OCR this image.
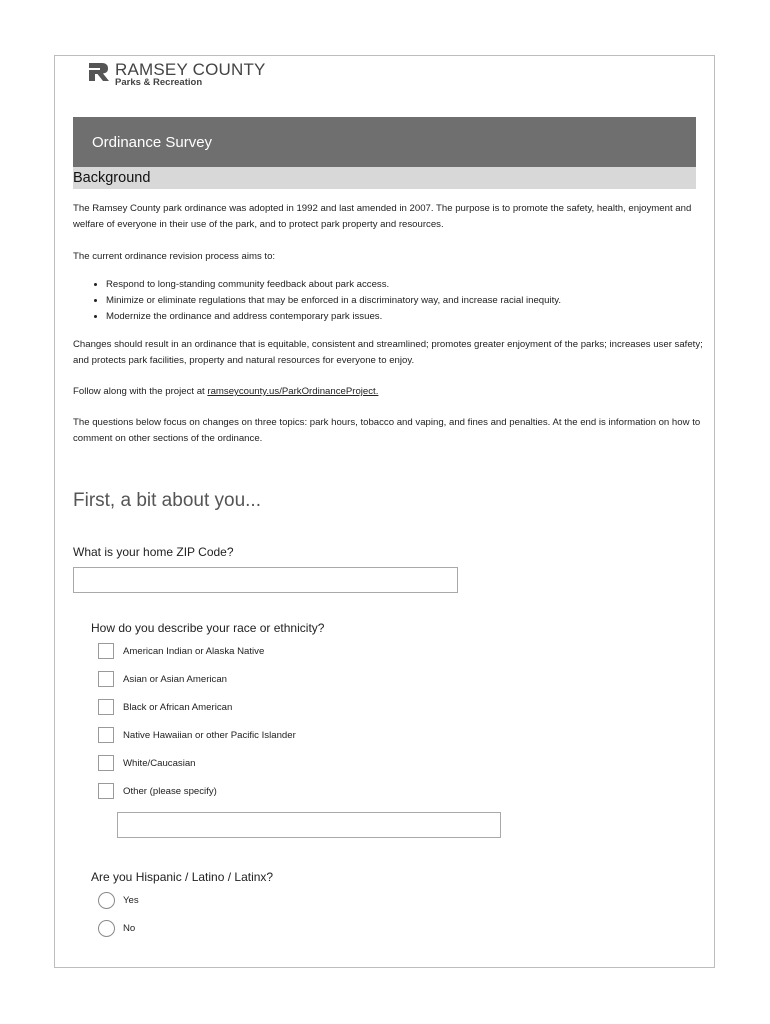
RAMSEY COUNTY
Parks & Recreation
Ordinance Survey
Background
The Ramsey County park ordinance was adopted in 1992 and last amended in 2007. The purpose is to promote the safety, health, enjoyment and welfare of everyone in their use of the park, and to protect park property and resources.
The current ordinance revision process aims to:
• Respond to long-standing community feedback about park access.
• Minimize or eliminate regulations that may be enforced in a discriminatory way, and increase racial inequity.
• Modernize the ordinance and address contemporary park issues.
Changes should result in an ordinance that is equitable, consistent and streamlined; promotes greater enjoyment of the parks; increases user safety; and protects park facilities, property and natural resources for everyone to enjoy.
Follow along with the project at ramseycounty.us/ParkOrdinanceProject.
The questions below focus on changes on three topics: park hours, tobacco and vaping, and fines and penalties. At the end is information on how to comment on other sections of the ordinance.
First, a bit about you...
What is your home ZIP Code?
How do you describe your race or ethnicity?
American Indian or Alaska Native
Asian or Asian American
Black or African American
Native Hawaiian or other Pacific Islander
White/Caucasian
Other (please specify)
Are you Hispanic / Latino / Latinx?
Yes
No
